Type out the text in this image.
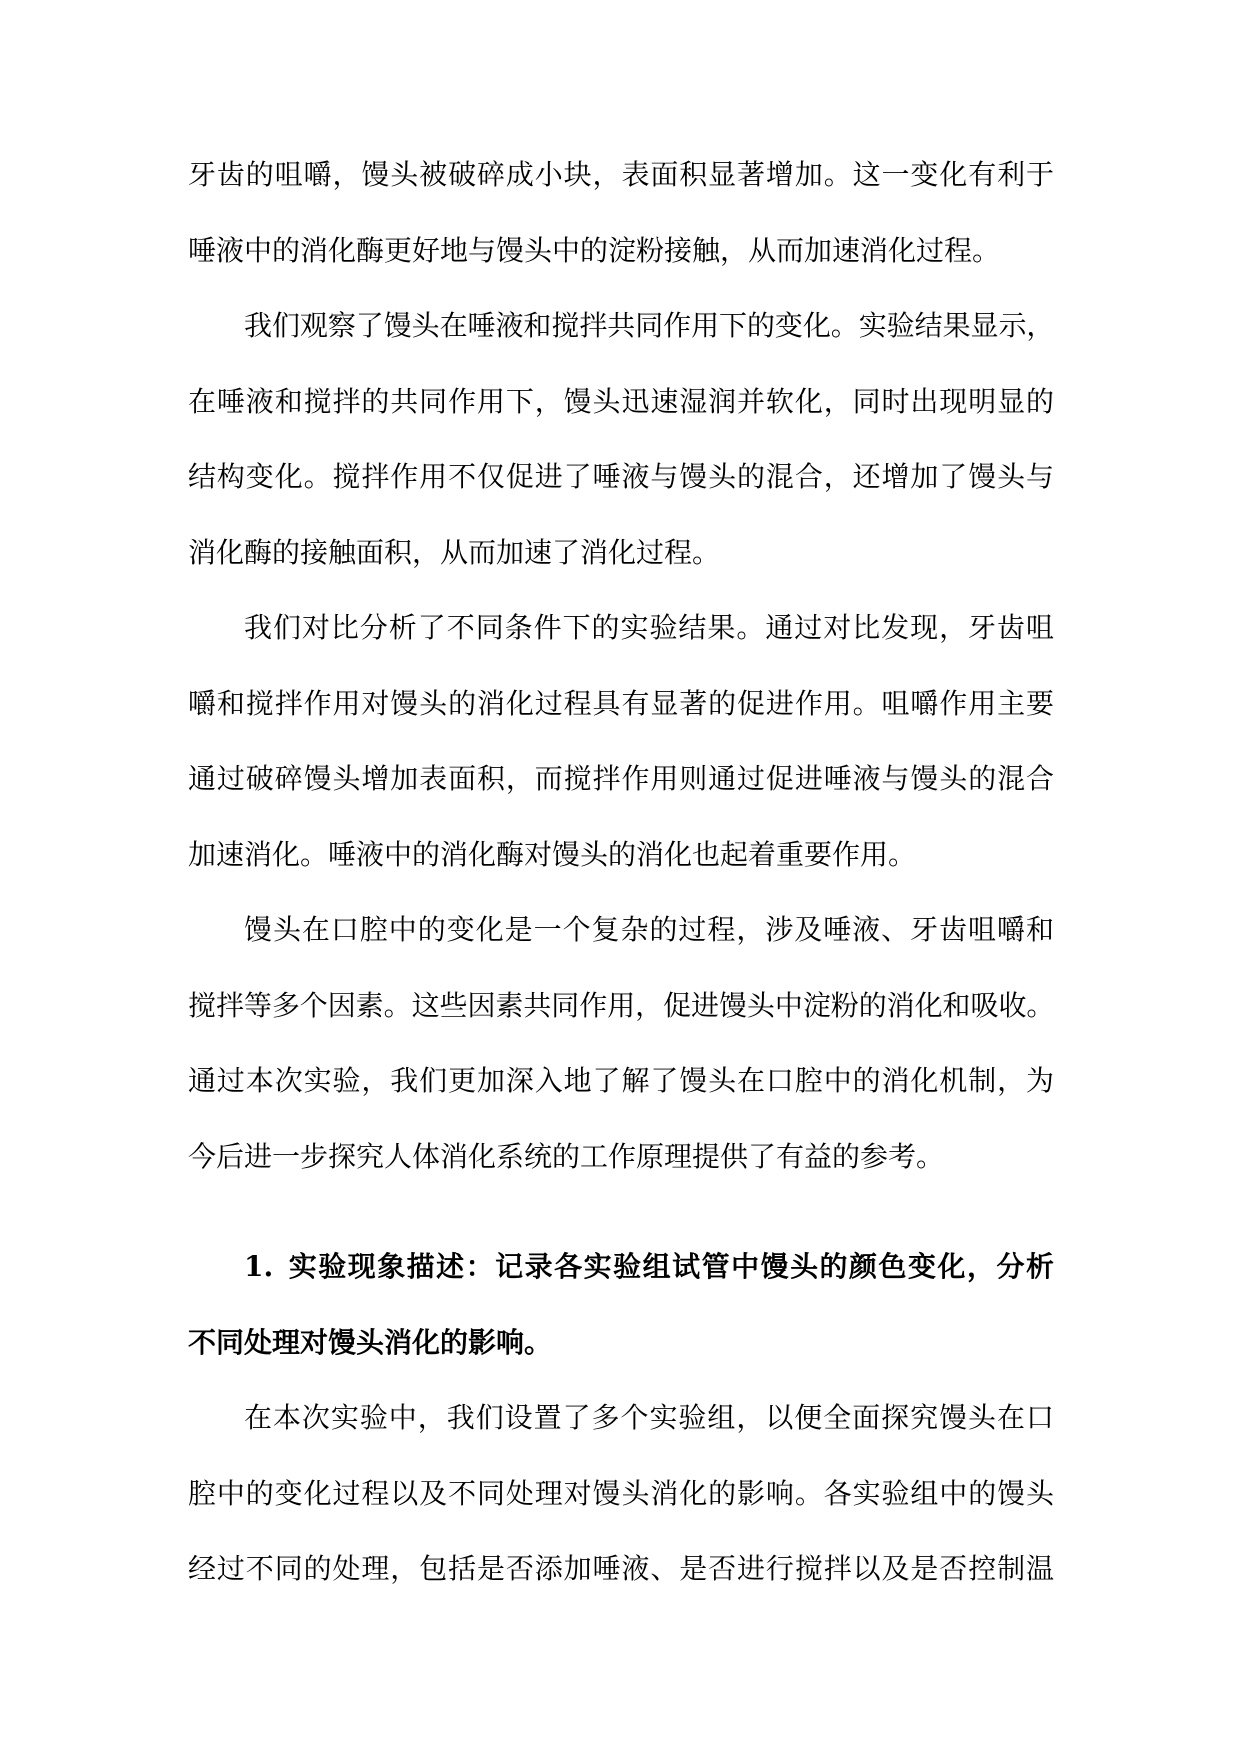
牙齿的咀嚼，馒头被破碎成小块，表面积显著增加。这一变化有利于
唾液中的消化酶更好地与馒头中的淀粉接触，从而加速消化过程。
我们观察了馒头在唾液和搅拌共同作用下的变化。实验结果显示，
在唾液和搅拌的共同作用下，馒头迅速湿润并软化，同时出现明显的
结构变化。搅拌作用不仅促进了唾液与馒头的混合，还增加了馒头与
消化酶的接触面积，从而加速了消化过程。
我们对比分析了不同条件下的实验结果。通过对比发现，牙齿咀
嚼和搅拌作用对馒头的消化过程具有显著的促进作用。咀嚼作用主要
通过破碎馒头增加表面积，而搅拌作用则通过促进唾液与馒头的混合
加速消化。唾液中的消化酶对馒头的消化也起着重要作用。
馒头在口腔中的变化是一个复杂的过程，涉及唾液、牙齿咀嚼和
搅拌等多个因素。这些因素共同作用，促进馒头中淀粉的消化和吸收。
通过本次实验，我们更加深入地了解了馒头在口腔中的消化机制，为
今后进一步探究人体消化系统的工作原理提供了有益的参考。
1. 实验现象描述：记录各实验组试管中馒头的颜色变化，分析
不同处理对馒头消化的影响。
在本次实验中，我们设置了多个实验组，以便全面探究馒头在口
腔中的变化过程以及不同处理对馒头消化的影响。各实验组中的馒头
经过不同的处理，包括是否添加唾液、是否进行搅拌以及是否控制温
